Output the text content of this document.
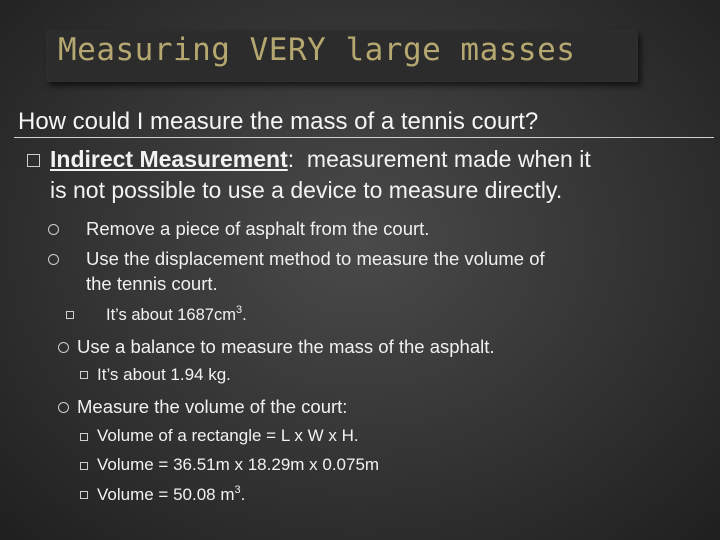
Measuring VERY large masses
How could I measure the mass of a tennis court?
Indirect Measurement:  measurement made when it
is not possible to use a device to measure directly.
Remove a piece of asphalt from the court.
Use the displacement method to measure the volume of
the tennis court.
It’s about $1687cm^3$.
Use a balance to measure the mass of the asphalt.
It’s about 1.94 kg.
Measure the volume of the court:
Volume of a rectangle = L x W x H.
Volume = 36.51m x 18.29m x 0.075m
Volume = 50.08 $m^3$.
